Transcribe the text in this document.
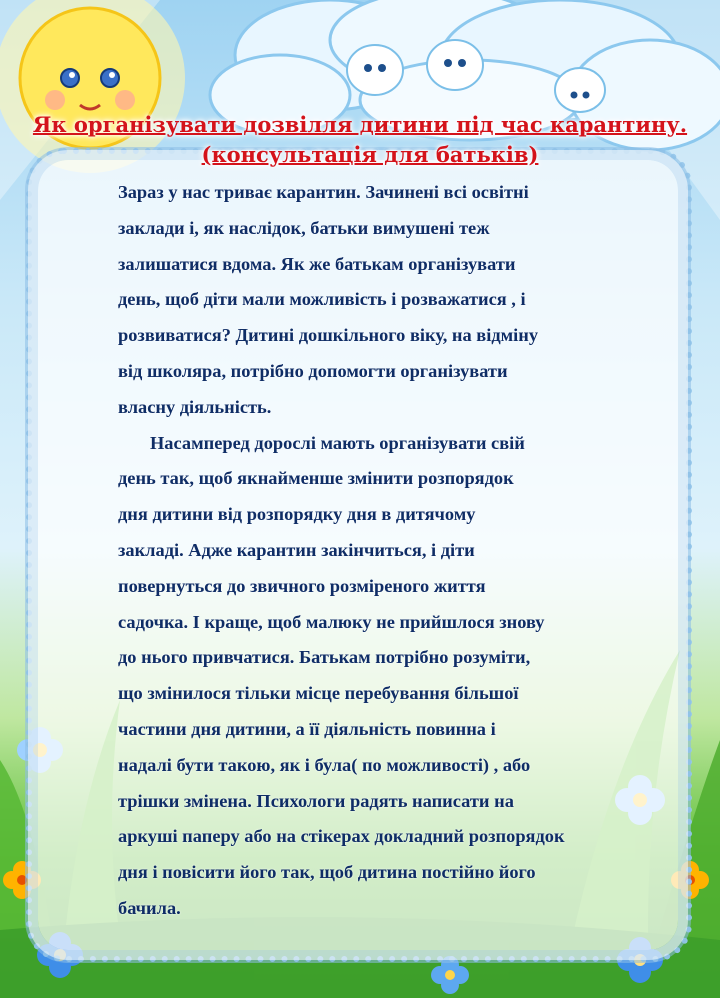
Як організувати дозвілля дитини під час карантину.
(консультація для батьків)
Зараз у нас триває карантин. Зачинені всі освітні
заклади і, як наслідок, батьки вимушені теж
залишатися вдома. Як же батькам організувати
день, щоб діти мали можливість і розважатися , і
розвиватися? Дитині дошкільного віку, на відміну
від школяра, потрібно допомогти організувати
власну діяльність.
Насамперед дорослі мають організувати свій
день так, щоб якнайменше змінити розпорядок
дня дитини від розпорядку дня в дитячому
закладі. Адже карантин закінчиться, і діти
повернуться до звичного розміреного життя
садочка. І краще, щоб малюку не прийшлося знову
до нього привчатися. Батькам потрібно розуміти,
що змінилося тільки місце перебування більшої
частини дня дитини, а її діяльність повинна і
надалі бути такою, як і була( по можливості) , або
трішки змінена. Психологи радять написати на
аркуші паперу або на стікерах докладний розпорядок
дня і повісити його так, щоб дитина постійно його
бачила.
